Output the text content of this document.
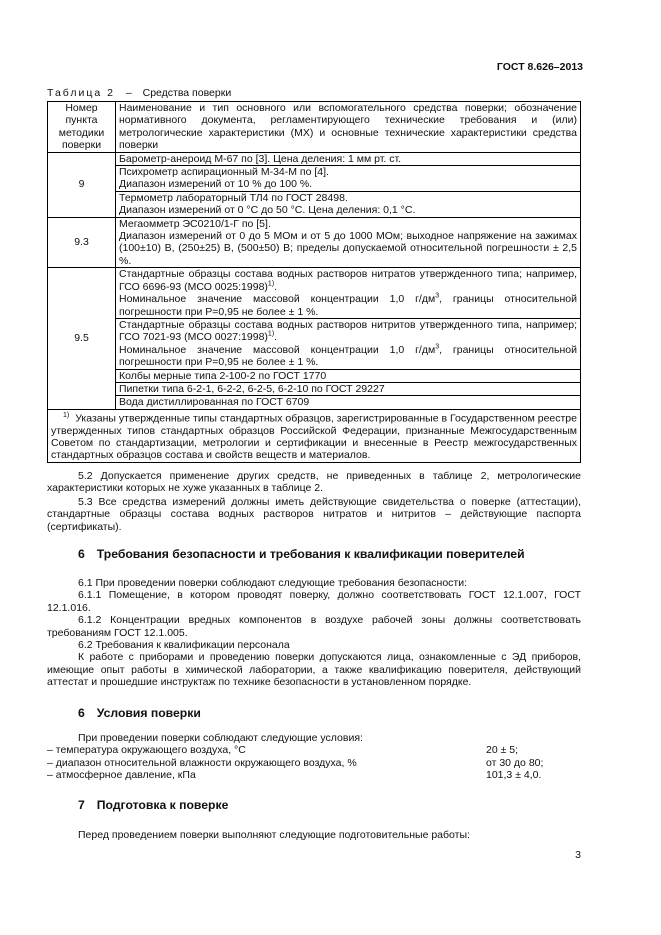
ГОСТ 8.626–2013
Таблица 2 – Средства поверки
Номер пункта методики поверки	Наименование и тип основного или вспомогательного средства поверки; обозначение нормативного документа, регламентирующего технические требования и (или) метрологические характеристики (МХ) и основные технические характеристики средства поверки
9	Барометр-анероид М-67 по [3]. Цена деления: 1 мм рт. ст.

	Психрометр аспирационный М-34-М по [4].
Диапазон измерений от 10 % до 100 %.

	Термометр лабораторный ТЛ4 по ГОСТ 28498.
Диапазон измерений от 0 °С до 50 °С. Цена деления: 0,1 °С.

9.3	Мегаомметр ЭС0210/1-Г по [5].
Диапазон измерений от 0 до 5 МОм и от 5 до 1000 МОм; выходное напряжение на зажимах (100±10) В, (250±25) В, (500±50) В; пределы допускаемой относительной погрешности ± 2,5 %.

9.5	Стандартные образцы состава водных растворов нитратов утвержденного типа; например, ГСО 6696-93 (МСО 0025:1998)$^{1)}$.
Номинальное значение массовой концентрации 1,0 $г/дм^3$, границы относительной погрешности при Р=0,95 не более ± 1 %.

	Стандартные образцы состава водных растворов нитритов утвержденного типа, например; ГСО 7021-93 (МСО 0027:1998)$^{1)}$.
Номинальное значение массовой концентрации 1,0 $г/дм^3$, границы относительной погрешности при Р=0,95 не более ± 1 %.

	Колбы мерные типа 2-100-2 по ГОСТ 1770
	Пипетки типа 6-2-1, 6-2-2, 6-2-5, 6-2-10 по ГОСТ 29227
	Вода дистиллированная по ГОСТ 6709
$^{1)}$ Указаны утвержденные типы стандартных образцов, зарегистрированные в Государственном реестре утвержденных типов стандартных образцов Российской Федерации, признанные Межгосударственным Советом по стандартизации, метрологии и сертификации и внесенные в Реестр межгосударственных стандартных образцов состава и свойств веществ и материалов.	
5.2 Допускается применение других средств, не приведенных в таблице 2, метрологические характеристики которых не хуже указанных в таблице 2.
5.3 Все средства измерений должны иметь действующие свидетельства о поверке (аттестации), стандартные образцы состава водных растворов нитратов и нитритов – действующие паспорта (сертификаты).
6 Требования безопасности и требования к квалификации поверителей
6.1 При проведении поверки соблюдают следующие требования безопасности:
6.1.1 Помещение, в котором проводят поверку, должно соответствовать ГОСТ 12.1.007, ГОСТ 12.1.016.
6.1.2 Концентрации вредных компонентов в воздухе рабочей зоны должны соответствовать требованиям ГОСТ 12.1.005.
6.2 Требования к квалификации персонала
К работе с приборами и проведению поверки допускаются лица, ознакомленные с ЭД приборов, имеющие опыт работы в химической лаборатории, а также квалификацию поверителя, действующий аттестат и прошедшие инструктаж по технике безопасности в установленном порядке.
6 Условия поверки
При проведении поверки соблюдают следующие условия:
– температура окружающего воздуха, °С	20 ± 5;
– диапазон относительной влажности окружающего воздуха, %	от 30 до 80;
– атмосферное давление, кПа	101,3 ± 4,0.
7 Подготовка к поверке
Перед проведением поверки выполняют следующие подготовительные работы:
3
